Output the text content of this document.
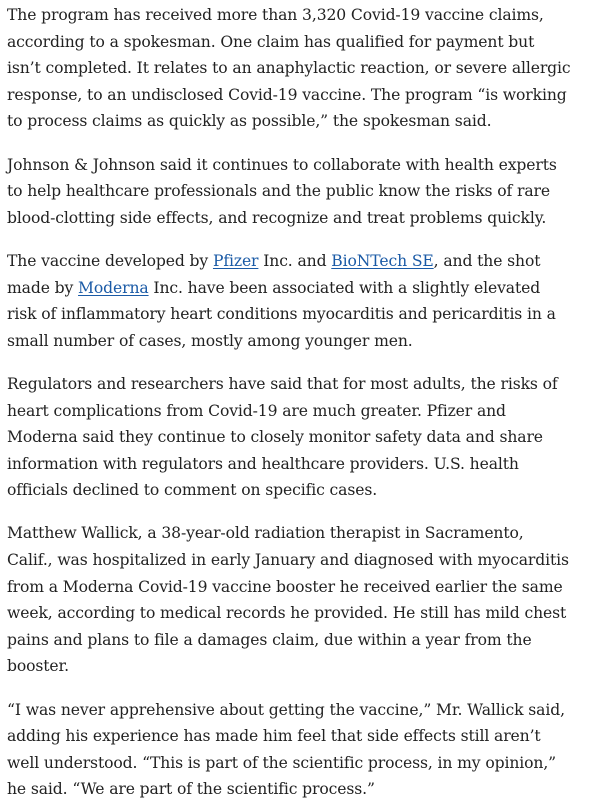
The program has received more than 3,320 Covid-19 vaccine claims, according to a spokesman. One claim has qualified for payment but isn’t completed. It relates to an anaphylactic reaction, or severe allergic response, to an undisclosed Covid-19 vaccine. The program “is working to process claims as quickly as possible,” the spokesman said.

Johnson & Johnson said it continues to collaborate with health experts to help healthcare professionals and the public know the risks of rare blood-clotting side effects, and recognize and treat problems quickly.

The vaccine developed by Pfizer Inc. and BioNTech SE, and the shot made by Moderna Inc. have been associated with a slightly elevated risk of inflammatory heart conditions myocarditis and pericarditis in a small number of cases, mostly among younger men.

Regulators and researchers have said that for most adults, the risks of heart complications from Covid-19 are much greater. Pfizer and Moderna said they continue to closely monitor safety data and share information with regulators and healthcare providers. U.S. health officials declined to comment on specific cases.

Matthew Wallick, a 38-year-old radiation therapist in Sacramento, Calif., was hospitalized in early January and diagnosed with myocarditis from a Moderna Covid-19 vaccine booster he received earlier the same week, according to medical records he provided. He still has mild chest pains and plans to file a damages claim, due within a year from the booster.

“I was never apprehensive about getting the vaccine,” Mr. Wallick said, adding his experience has made him feel that side effects still aren’t well understood. “This is part of the scientific process, in my opinion,” he said. “We are part of the scientific process.”
